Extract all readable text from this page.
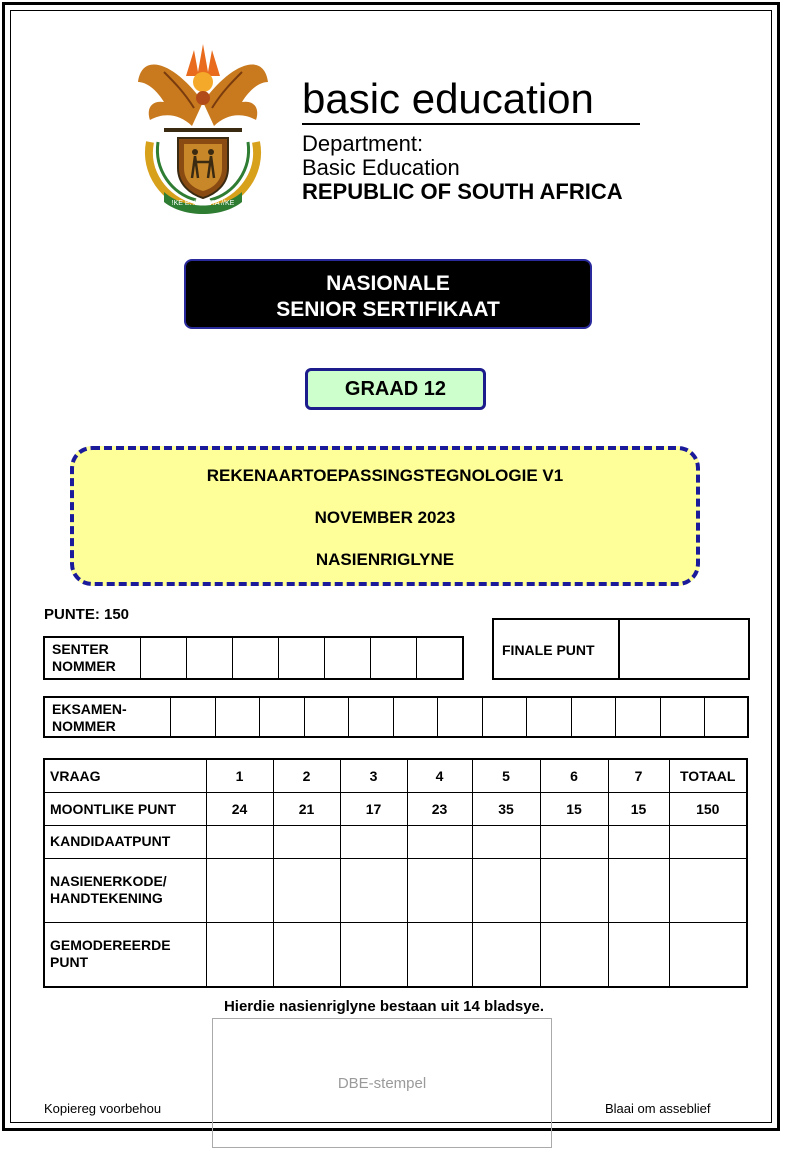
!KE E: /XARRA //KE
basic education
Department:
Basic Education
REPUBLIC OF SOUTH AFRICA
NASIONALE
SENIOR SERTIFIKAAT
GRAAD 12
REKENAARTOEPASSINGSTEGNOLOGIE V1
NOVEMBER 2023
NASIENRIGLYNE
PUNTE: 150
SENTER
NOMMER
FINALE PUNT
EKSAMEN-
NOMMER
VRAAG	1	2	3	4	5	6	7	TOTAAL
MOONTLIKE PUNT	24	21	17	23	35	15	15	150
KANDIDAATPUNT								

NASIENERKODE/
HANDTEKENING								

GEMODEREERDE
PUNT								

Hierdie nasienriglyne bestaan uit 14 bladsye.
DBE-stempel
Kopiereg voorbehou	Blaai om asseblief
